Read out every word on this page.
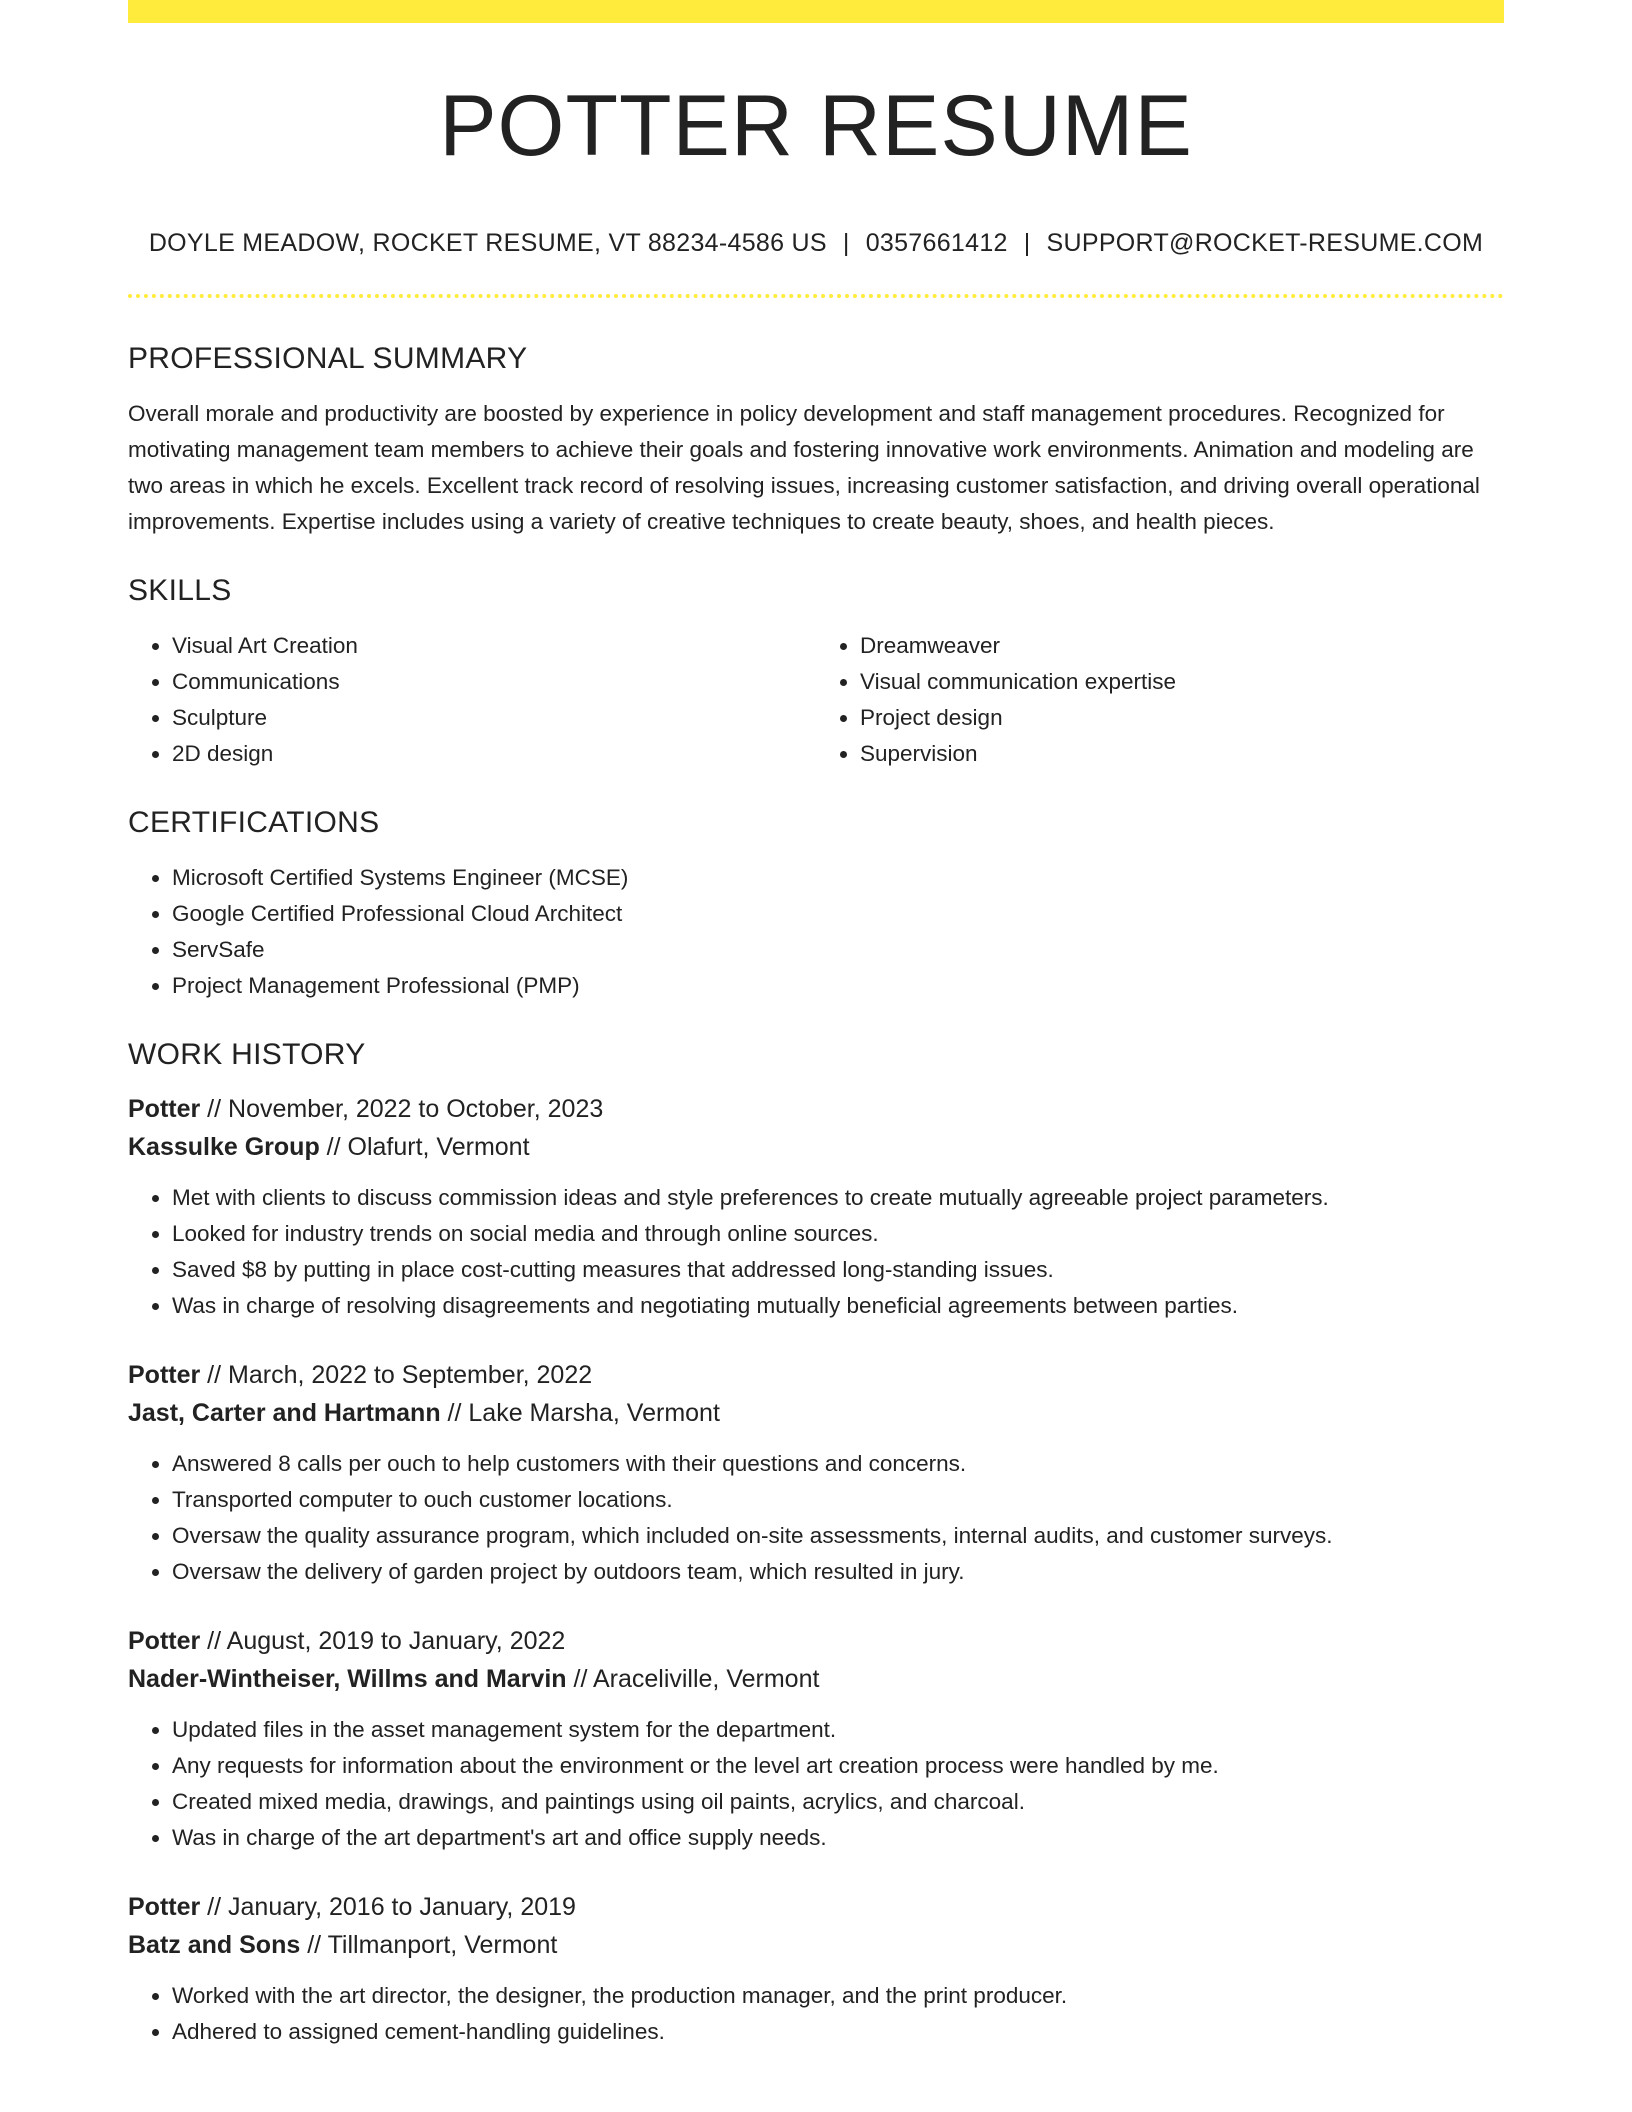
POTTER RESUME
DOYLE MEADOW, ROCKET RESUME, VT 88234-4586 US | 0357661412 | SUPPORT@ROCKET-RESUME.COM
PROFESSIONAL SUMMARY

Overall morale and productivity are boosted by experience in policy development and staff management procedures. Recognized for motivating management team members to achieve their goals and fostering innovative work environments. Animation and modeling are two areas in which he excels. Excellent track record of resolving issues, increasing customer satisfaction, and driving overall operational improvements. Expertise includes using a variety of creative techniques to create beauty, shoes, and health pieces.

SKILLS
• Visual Art Creation
• Communications
• Sculpture
• 2D design
• Dreamweaver
• Visual communication expertise
• Project design
• Supervision
CERTIFICATIONS
• Microsoft Certified Systems Engineer (MCSE)
• Google Certified Professional Cloud Architect
• ServSafe
• Project Management Professional (PMP)
WORK HISTORY
Potter // November, 2022 to October, 2023
Kassulke Group // Olafurt, Vermont
• Met with clients to discuss commission ideas and style preferences to create mutually agreeable project parameters.
• Looked for industry trends on social media and through online sources.
• Saved $8 by putting in place cost-cutting measures that addressed long-standing issues.
• Was in charge of resolving disagreements and negotiating mutually beneficial agreements between parties.
Potter // March, 2022 to September, 2022
Jast, Carter and Hartmann // Lake Marsha, Vermont
• Answered 8 calls per ouch to help customers with their questions and concerns.
• Transported computer to ouch customer locations.
• Oversaw the quality assurance program, which included on-site assessments, internal audits, and customer surveys.
• Oversaw the delivery of garden project by outdoors team, which resulted in jury.
Potter // August, 2019 to January, 2022
Nader-Wintheiser, Willms and Marvin // Araceliville, Vermont
• Updated files in the asset management system for the department.
• Any requests for information about the environment or the level art creation process were handled by me.
• Created mixed media, drawings, and paintings using oil paints, acrylics, and charcoal.
• Was in charge of the art department's art and office supply needs.
Potter // January, 2016 to January, 2019
Batz and Sons // Tillmanport, Vermont
• Worked with the art director, the designer, the production manager, and the print producer.
• Adhered to assigned cement-handling guidelines.
